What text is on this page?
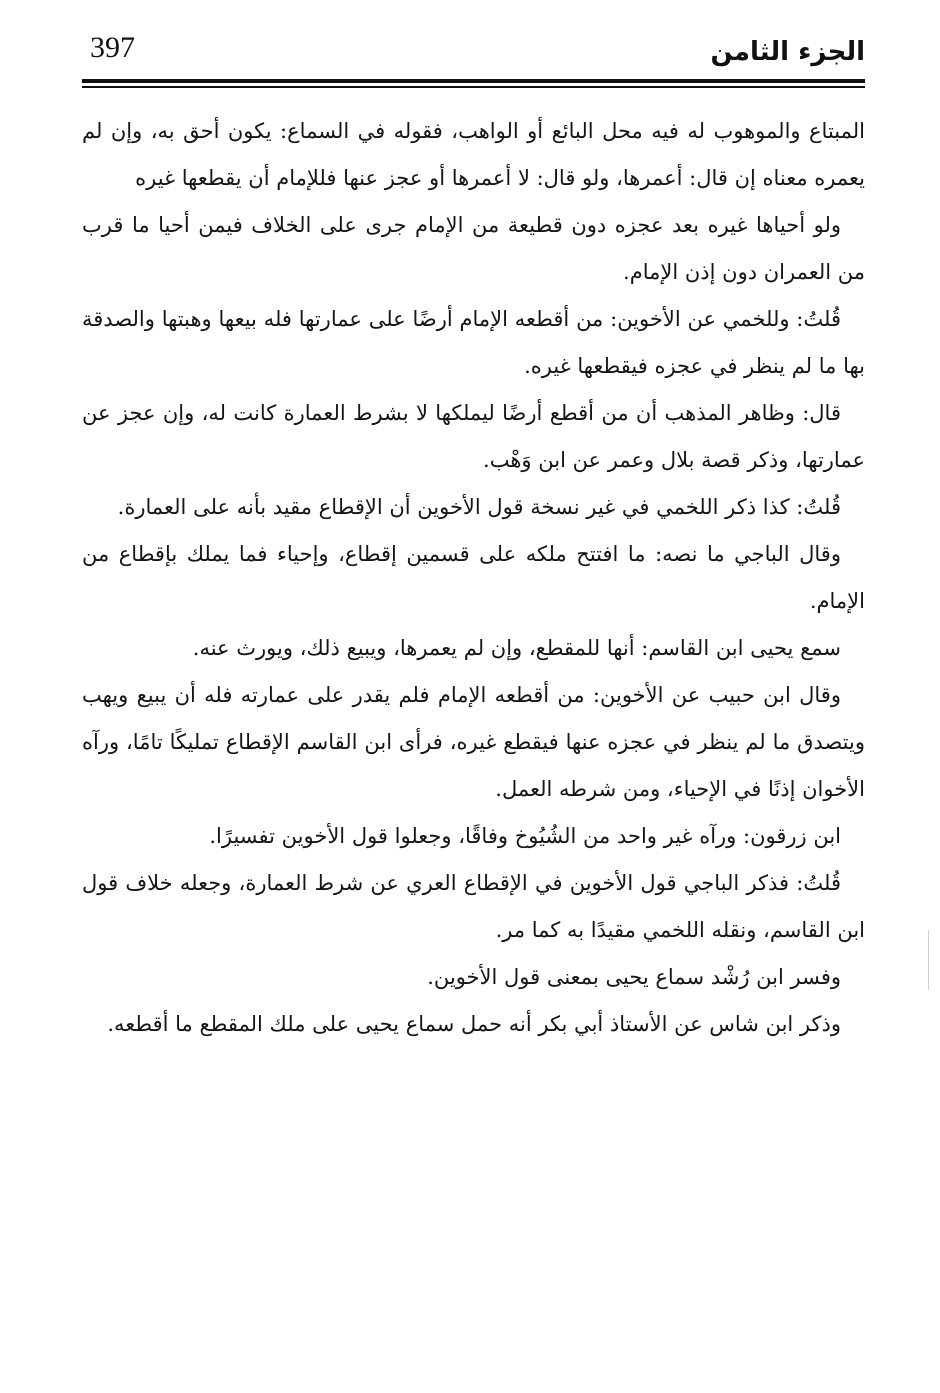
397	الجزء الثامن

المبتاع والموهوب له فيه محل البائع أو الواهب، فقوله في السماع: يكون أحق به، وإن لم يعمره معناه إن قال: أعمرها، ولو قال: لا أعمرها أو عجز عنها فللإمام أن يقطعها غيره

ولو أحياها غيره بعد عجزه دون قطيعة من الإمام جرى على الخلاف فيمن أحيا ما قرب من العمران دون إذن الإمام.

قُلتُ: وللخمي عن الأخوين: من أقطعه الإمام أرضًا على عمارتها فله بيعها وهبتها والصدقة بها ما لم ينظر في عجزه فيقطعها غيره.

قال: وظاهر المذهب أن من أقطع أرضًا ليملكها لا بشرط العمارة كانت له، وإن عجز عن عمارتها، وذكر قصة بلال وعمر عن ابن وَهْب.

قُلتُ: كذا ذكر اللخمي في غير نسخة قول الأخوين أن الإقطاع مقيد بأنه على العمارة.

وقال الباجي ما نصه: ما افتتح ملكه على قسمين إقطاع، وإحياء فما يملك بإقطاع من الإمام.

سمع يحيى ابن القاسم: أنها للمقطع، وإن لم يعمرها، ويبيع ذلك، ويورث عنه.

وقال ابن حبيب عن الأخوين: من أقطعه الإمام فلم يقدر على عمارته فله أن يبيع ويهب ويتصدق ما لم ينظر في عجزه عنها فيقطع غيره، فرأى ابن القاسم الإقطاع تمليكًا تامًا، ورآه الأخوان إذنًا في الإحياء، ومن شرطه العمل.

ابن زرقون: ورآه غير واحد من الشُيُوخ وفاقًا، وجعلوا قول الأخوين تفسيرًا.

قُلتُ: فذكر الباجي قول الأخوين في الإقطاع العري عن شرط العمارة، وجعله خلاف قول ابن القاسم، ونقله اللخمي مقيدًا به كما مر.

وفسر ابن رُشْد سماع يحيى بمعنى قول الأخوين.

وذكر ابن شاس عن الأستاذ أبي بكر أنه حمل سماع يحيى على ملك المقطع ما أقطعه.
